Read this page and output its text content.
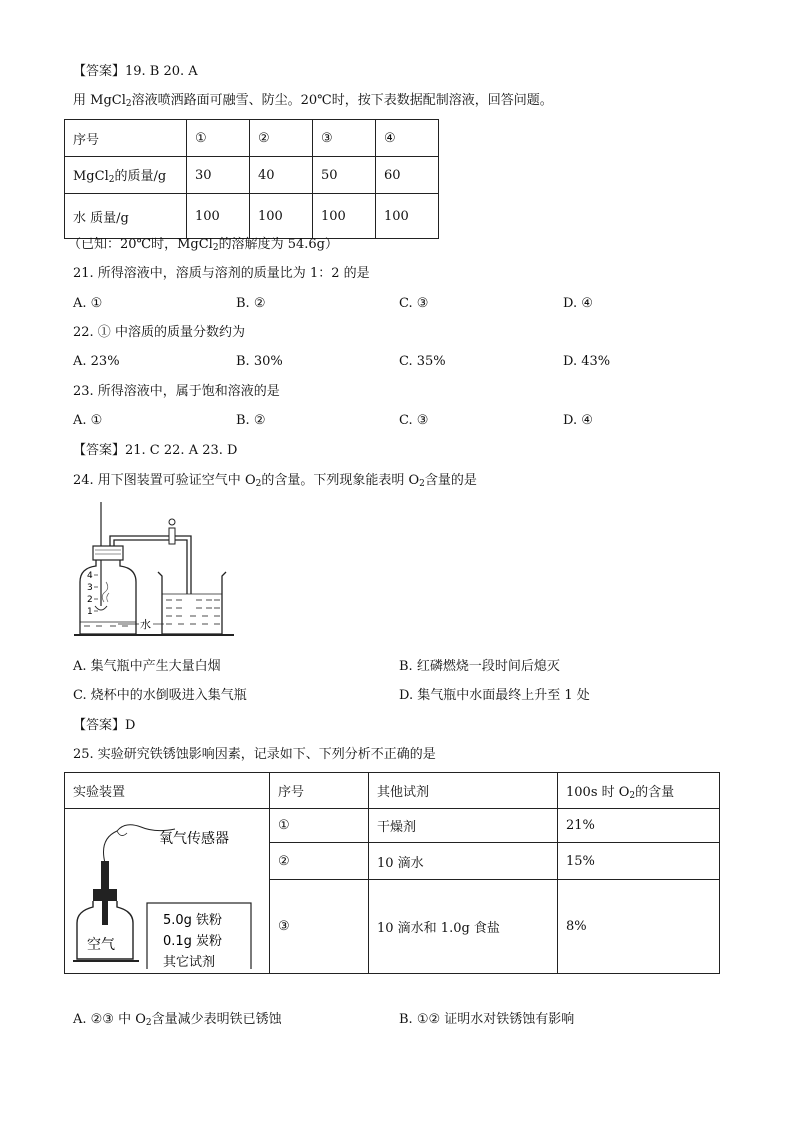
【答案】19. B 20. A
用 MgCl$_2$溶液喷洒路面可融雪、防尘。20℃时，按下表数据配制溶液，回答问题。
序号	①	②	③	④
MgCl$_2$的质量/g	30	40	50	60
水 质量/g	100	100	100	100
（已知：20℃时，MgCl$_2$的溶解度为 54.6g）
21. 所得溶液中，溶质与溶剂的质量比为 1：2 的是
A. ①	B. ②	C. ③	D. ④
22. ① 中溶质的质量分数约为
A. 23%	B. 30%	C. 35%	D. 43%
23. 所得溶液中，属于饱和溶液的是
A. ①	B. ②	C. ③	D. ④
【答案】21. C 22. A 23. D
24. 用下图装置可验证空气中 $O_2$的含量。下列现象能表明 $O_2$含量的是
4
3
2
1
水
A. 集气瓶中产生大量白烟	B. 红磷燃烧一段时间后熄灭
C. 烧杯中的水倒吸进入集气瓶	D. 集气瓶中水面最终上升至 1 处
【答案】D
25. 实验研究铁锈蚀影响因素，记录如下、下列分析不正确的是
实验装置	序号	其他试剂	100s 时 $O_2$的含量

氧气传感器
空气
5.0g 铁粉
0.1g 炭粉
其它试剂	①	干燥剂	21%
	②	10 滴水	15%
	③	10 滴水和 1.0g 食盐	8%
A. ②③ 中 $O_2$含量减少表明铁已锈蚀	B. ①② 证明水对铁锈蚀有影响
